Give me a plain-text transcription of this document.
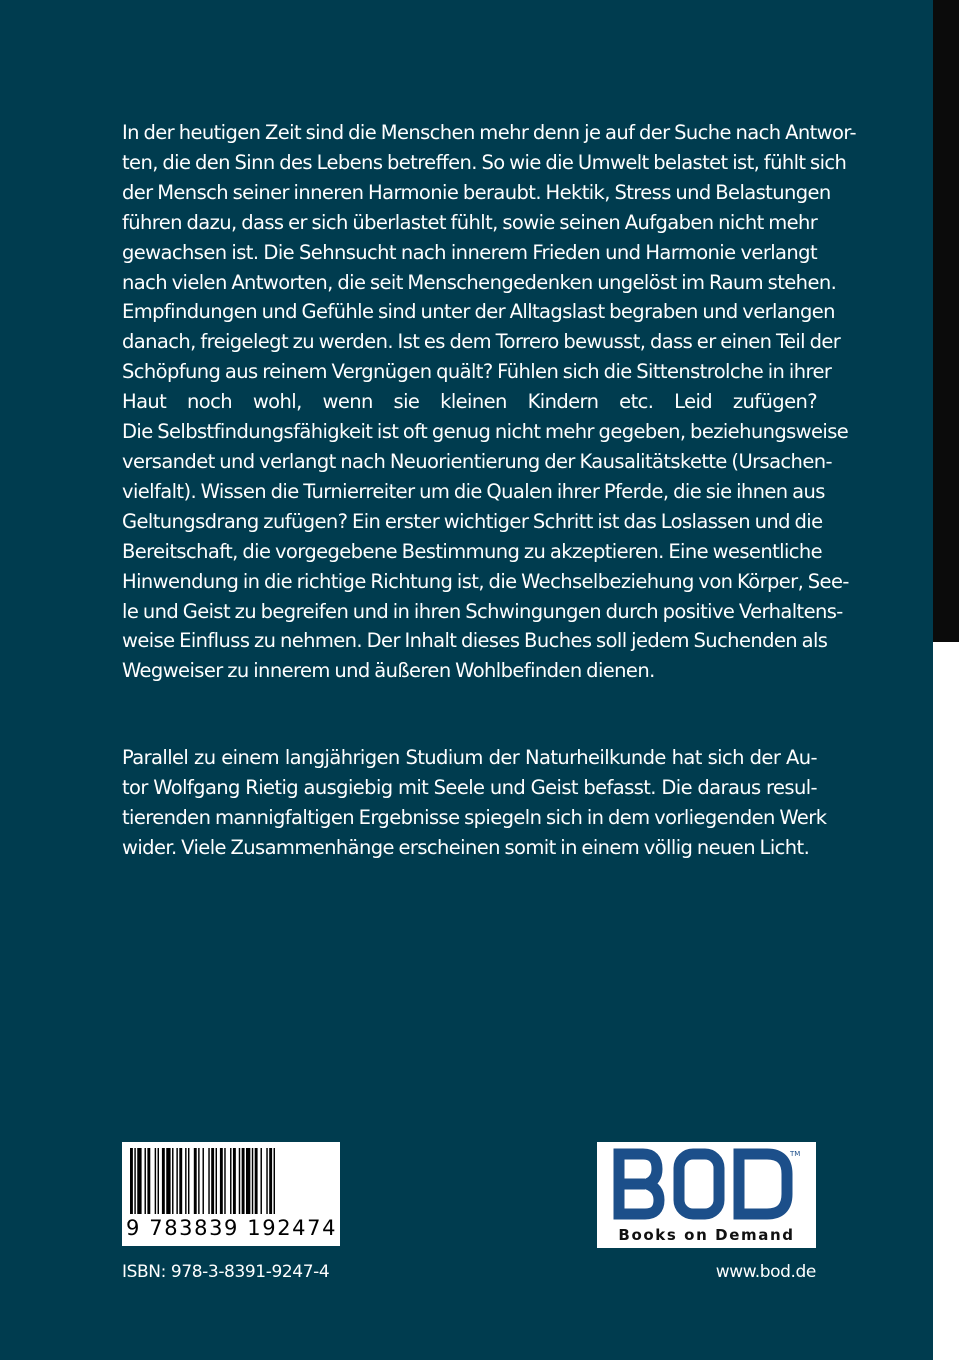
In der heutigen Zeit sind die Menschen mehr denn je auf der Suche nach Antwor-
ten, die den Sinn des Lebens betreffen. So wie die Umwelt belastet ist, fühlt sich
der Mensch seiner inneren Harmonie beraubt. Hektik, Stress und Belastungen
führen dazu, dass er sich überlastet fühlt, sowie seinen Aufgaben nicht mehr
gewachsen ist. Die Sehnsucht nach innerem Frieden und Harmonie verlangt
nach vielen Antworten, die seit Menschengedenken ungelöst im Raum stehen.
Empfindungen und Gefühle sind unter der Alltagslast begraben und verlangen
danach, freigelegt zu werden. Ist es dem Torrero bewusst, dass er einen Teil der
Schöpfung aus reinem Vergnügen quält? Fühlen sich die Sittenstrolche in ihrer
Haut noch wohl, wenn sie kleinen Kindern etc. Leid zufügen?
Die Selbstfindungsfähigkeit ist oft genug nicht mehr gegeben, beziehungsweise
versandet und verlangt nach Neuorientierung der Kausalitätskette (Ursachen-
vielfalt). Wissen die Turnierreiter um die Qualen ihrer Pferde, die sie ihnen aus
Geltungsdrang zufügen? Ein erster wichtiger Schritt ist das Loslassen und die
Bereitschaft, die vorgegebene Bestimmung zu akzeptieren. Eine wesentliche
Hinwendung in die richtige Richtung ist, die Wechselbeziehung von Körper, See-
le und Geist zu begreifen und in ihren Schwingungen durch positive Verhaltens-
weise Einfluss zu nehmen. Der Inhalt dieses Buches soll jedem Suchenden als
Wegweiser zu innerem und äußeren Wohlbefinden dienen.
Parallel zu einem langjährigen Studium der Naturheilkunde hat sich der Au-
tor Wolfgang Rietig ausgiebig mit Seele und Geist befasst. Die daraus resul-
tierenden mannigfaltigen Ergebnisse spiegeln sich in dem vorliegenden Werk
wider. Viele Zusammenhänge erscheinen somit in einem völlig neuen Licht.
9 783839 192474
ISBN: 978-3-8391-9247-4
TM
Books on Demand
www.bod.de
